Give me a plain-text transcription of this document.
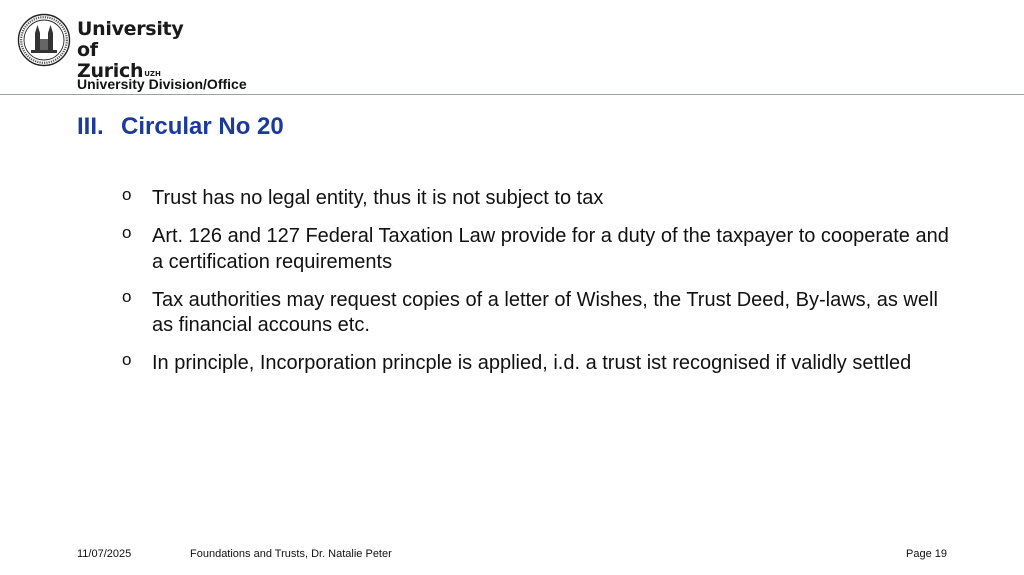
University of
Zurich$^{UZH}$
University Division/Office
III. Circular No 20
o Trust has no legal entity, thus it is not subject to tax
o Art. 126 and 127 Federal Taxation Law provide for a duty of the taxpayer to cooperate and a certification requirements
o Tax authorities may request copies of a letter of Wishes, the Trust Deed, By-laws, as well as financial accouns etc.
o In principle, Incorporation princple is applied, i.d. a trust ist recognised if validly settled
11/07/2025	Foundations and Trusts, Dr. Natalie Peter	Page 19
